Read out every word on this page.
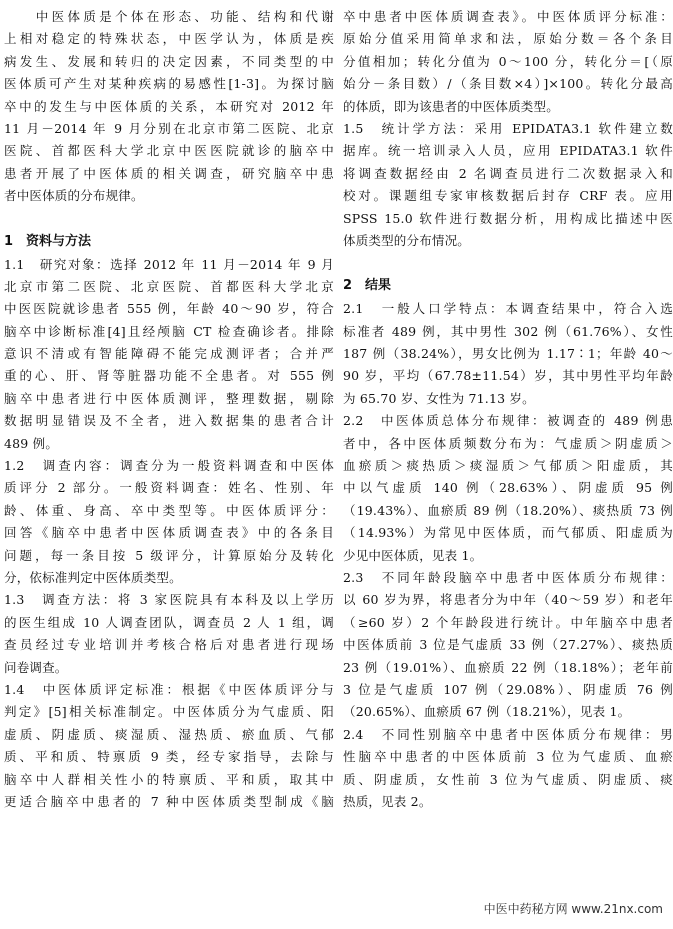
　　中医体质是个体在形态、功能、结构和代谢
上相对稳定的特殊状态，中医学认为，体质是疾
病发生、发展和转归的决定因素，不同类型的中
医体质可产生对某种疾病的易感性[1-3]。为探讨脑
卒中的发生与中医体质的关系，本研究对 2012 年
11 月－2014 年 9 月分别在北京市第二医院、北京
医院、首都医科大学北京中医医院就诊的脑卒中
患者开展了中医体质的相关调查，研究脑卒中患
者中医体质的分布规律。
1　资料与方法
1.1　研究对象：选择 2012 年 11 月－2014 年 9 月
北京市第二医院、北京医院、首都医科大学北京
中医医院就诊患者 555 例，年龄 40～90 岁，符合
脑卒中诊断标准[4]且经颅脑 CT 检查确诊者。排除
意识不清或有智能障碍不能完成测评者；合并严
重的心、肝、肾等脏器功能不全患者。对 555 例
脑卒中患者进行中医体质测评，整理数据，剔除
数据明显错误及不全者，进入数据集的患者合计
489 例。
1.2　调查内容：调查分为一般资料调查和中医体
质评分 2 部分。一般资料调查：姓名、性别、年
龄、体重、身高、卒中类型等。中医体质评分：
回答《脑卒中患者中医体质调查表》中的各条目
问题，每一条目按 5 级评分，计算原始分及转化
分，依标准判定中医体质类型。
1.3　调查方法：将 3 家医院具有本科及以上学历
的医生组成 10 人调查团队，调查员 2 人 1 组，调
查员经过专业培训并考核合格后对患者进行现场
问卷调查。
1.4　中医体质评定标准：根据《中医体质评分与
判定》[5]相关标准制定。中医体质分为气虚质、阳
虚质、阴虚质、痰湿质、湿热质、瘀血质、气郁
质、平和质、特禀质 9 类，经专家指导，去除与
脑卒中人群相关性小的特禀质、平和质，取其中
更适合脑卒中患者的 7 种中医体质类型制成《脑
卒中患者中医体质调查表》。中医体质评分标准：
原始分值采用简单求和法，原始分数＝各个条目
分值相加；转化分值为 0～100 分，转化分＝[（原
始分－条目数）/（条目数×4）]×100。转化分最高
的体质，即为该患者的中医体质类型。
1.5　统计学方法：采用 EPIDATA3.1 软件建立数
据库。统一培训录入人员，应用 EPIDATA3.1 软件
将调查数据经由 2 名调查员进行二次数据录入和
校对。课题组专家审核数据后封存 CRF 表。应用
SPSS 15.0 软件进行数据分析，用构成比描述中医
体质类型的分布情况。
2　结果
2.1　一般人口学特点：本调查结果中，符合入选
标准者 489 例，其中男性 302 例（61.76%）、女性
187 例（38.24%），男女比例为 1.17∶1；年龄 40～
90 岁，平均（67.78±11.54）岁，其中男性平均年龄
为 65.70 岁、女性为 71.13 岁。
2.2　中医体质总体分布规律：被调查的 489 例患
者中，各中医体质频数分布为：气虚质＞阴虚质＞
血瘀质＞痰热质＞痰湿质＞气郁质＞阳虚质，其
中以气虚质 140 例（28.63%）、阴虚质 95 例
（19.43%）、血瘀质 89 例（18.20%）、痰热质 73 例
（14.93%）为常见中医体质，而气郁质、阳虚质为
少见中医体质，见表 1。
2.3　不同年龄段脑卒中患者中医体质分布规律：
以 60 岁为界，将患者分为中年（40～59 岁）和老年
（≥60 岁）2 个年龄段进行统计。中年脑卒中患者
中医体质前 3 位是气虚质 33 例（27.27%）、痰热质
23 例（19.01%）、血瘀质 22 例（18.18%）；老年前
3 位是气虚质 107 例（29.08%）、阴虚质 76 例
（20.65%）、血瘀质 67 例（18.21%），见表 1。
2.4　不同性别脑卒中患者中医体质分布规律：男
性脑卒中患者的中医体质前 3 位为气虚质、血瘀
质、阴虚质，女性前 3 位为气虚质、阴虚质、痰
热质，见表 2。
中医中药秘方网 www.21nx.com
